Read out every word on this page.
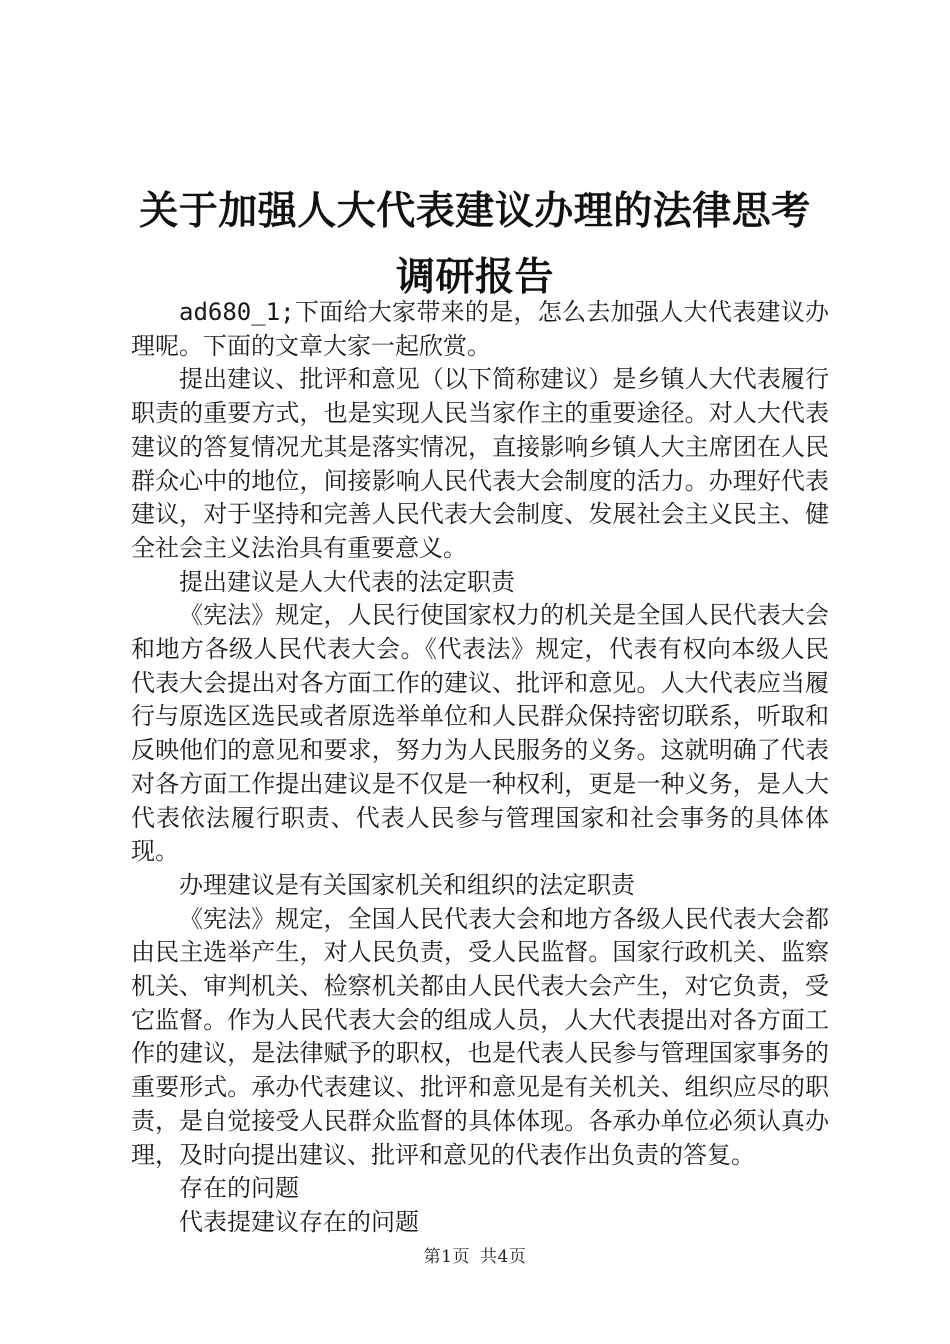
关于加强人大代表建议办理的法律思考调研报告

ad680_1;下面给大家带来的是，怎么去加强人大代表建议办理呢。下面的文章大家一起欣赏。

提出建议、批评和意见（以下简称建议）是乡镇人大代表履行职责的重要方式，也是实现人民当家作主的重要途径。对人大代表建议的答复情况尤其是落实情况，直接影响乡镇人大主席团在人民群众心中的地位，间接影响人民代表大会制度的活力。办理好代表建议，对于坚持和完善人民代表大会制度、发展社会主义民主、健全社会主义法治具有重要意义。

提出建议是人大代表的法定职责

《宪法》规定，人民行使国家权力的机关是全国人民代表大会和地方各级人民代表大会。《代表法》规定，代表有权向本级人民代表大会提出对各方面工作的建议、批评和意见。人大代表应当履行与原选区选民或者原选举单位和人民群众保持密切联系，听取和反映他们的意见和要求，努力为人民服务的义务。这就明确了代表对各方面工作提出建议是不仅是一种权利，更是一种义务，是人大代表依法履行职责、代表人民参与管理国家和社会事务的具体体现。

办理建议是有关国家机关和组织的法定职责

《宪法》规定，全国人民代表大会和地方各级人民代表大会都由民主选举产生，对人民负责，受人民监督。国家行政机关、监察机关、审判机关、检察机关都由人民代表大会产生，对它负责，受它监督。作为人民代表大会的组成人员，人大代表提出对各方面工作的建议，是法律赋予的职权，也是代表人民参与管理国家事务的重要形式。承办代表建议、批评和意见是有关机关、组织应尽的职责，是自觉接受人民群众监督的具体体现。各承办单位必须认真办理，及时向提出建议、批评和意见的代表作出负责的答复。

存在的问题

代表提建议存在的问题

第1页 共4页
